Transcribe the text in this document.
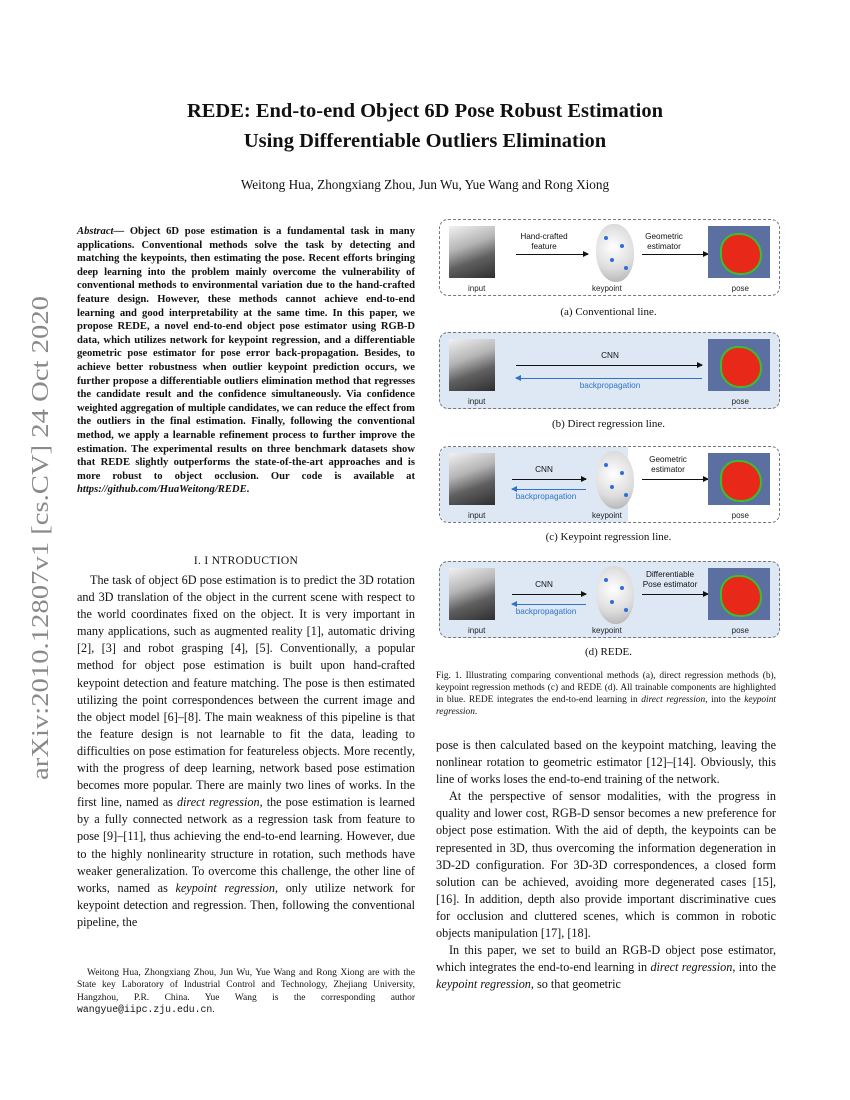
arXiv:2010.12807v1 [cs.CV] 24 Oct 2020
REDE: End-to-end Object 6D Pose Robust Estimation
Using Differentiable Outliers Elimination
Weitong Hua, Zhongxiang Zhou, Jun Wu, Yue Wang and Rong Xiong
Abstract— Object 6D pose estimation is a fundamental task in many applications. Conventional methods solve the task by detecting and matching the keypoints, then estimating the pose. Recent efforts bringing deep learning into the problem mainly overcome the vulnerability of conventional methods to environmental variation due to the hand-crafted feature design. However, these methods cannot achieve end-to-end learning and good interpretability at the same time. In this paper, we propose REDE, a novel end-to-end object pose estimator using RGB-D data, which utilizes network for keypoint regression, and a differentiable geometric pose estimator for pose error back-propagation. Besides, to achieve better robustness when outlier keypoint prediction occurs, we further propose a differentiable outliers elimination method that regresses the candidate result and the confidence simultaneously. Via confidence weighted aggregation of multiple candidates, we can reduce the effect from the outliers in the final estimation. Finally, following the conventional method, we apply a learnable refinement process to further improve the estimation. The experimental results on three benchmark datasets show that REDE slightly outperforms the state-of-the-art approaches and is more robust to object occlusion. Our code is available at https://github.com/HuaWeitong/REDE.
I. I NTRODUCTION

The task of object 6D pose estimation is to predict the 3D rotation and 3D translation of the object in the current scene with respect to the world coordinates fixed on the object. It is very important in many applications, such as augmented reality [1], automatic driving [2], [3] and robot grasping [4], [5]. Conventionally, a popular method for object pose estimation is built upon hand-crafted keypoint detection and feature matching. The pose is then estimated utilizing the point correspondences between the current image and the object model [6]–[8]. The main weakness of this pipeline is that the feature design is not learnable to fit the data, leading to difficulties on pose estimation for featureless objects. More recently, with the progress of deep learning, network based pose estimation becomes more popular. There are mainly two lines of works. In the first line, named as direct regression, the pose estimation is learned by a fully connected network as a regression task from feature to pose [9]–[11], thus achieving the end-to-end learning. However, due to the highly nonlinearity structure in rotation, such methods have weaker generalization. To overcome this challenge, the other line of works, named as keypoint regression, only utilize network for keypoint detection and regression. Then, following the conventional pipeline, the

Weitong Hua, Zhongxiang Zhou, Jun Wu, Yue Wang and Rong Xiong are with the State key Laboratory of Industrial Control and Technology, Zhejiang University, Hangzhou, P.R. China. Yue Wang is the corresponding author wangyue@iipc.zju.edu.cn.

input
Hand-crafted feature
keypoint
Geometric estimator
pose
(a) Conventional line.
input
CNN
backpropagation
pose
(b) Direct regression line.
input
CNN
backpropagation
keypoint
Geometric estimator
pose
(c) Keypoint regression line.
input
CNN
backpropagation
keypoint
Differentiable Pose estimator
pose
(d) REDE.
Fig. 1. Illustrating comparing conventional methods (a), direct regression methods (b), keypoint regression methods (c) and REDE (d). All trainable components are highlighted in blue. REDE integrates the end-to-end learning in direct regression, into the keypoint regression.

pose is then calculated based on the keypoint matching, leaving the nonlinear rotation to geometric estimator [12]–[14]. Obviously, this line of works loses the end-to-end training of the network.

At the perspective of sensor modalities, with the progress in quality and lower cost, RGB-D sensor becomes a new preference for object pose estimation. With the aid of depth, the keypoints can be represented in 3D, thus overcoming the information degeneration in 3D-2D configuration. For 3D-3D correspondences, a closed form solution can be achieved, avoiding more degenerated cases [15], [16]. In addition, depth also provide important discriminative cues for occlusion and cluttered scenes, which is common in robotic objects manipulation [17], [18].

In this paper, we set to build an RGB-D object pose estimator, which integrates the end-to-end learning in direct regression, into the keypoint regression, so that geometric
